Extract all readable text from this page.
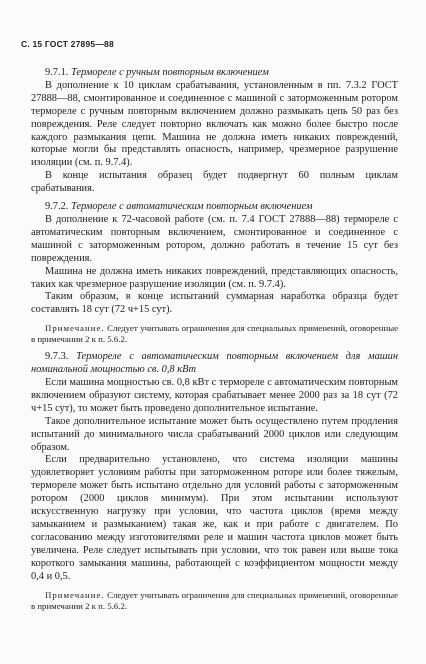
С. 15 ГОСТ 27895—88

9.7.1. Термореле с ручным повторным включением

В дополнение к 10 циклам срабатывания, установленным в пп. 7.3.2 ГОСТ 27888—88, смонтированное и соединенное с машиной с заторможенным ротором термореле с ручным повторным включением должно размыкать цепь 50 раз без повреждения. Реле следует повторно включать как можно более быстро после каждого размыкания цепи. Машина не должна иметь никаких повреждений, которые могли бы представлять опасность, например, чрезмерное разрушение изоляции (см. п. 9.7.4).

В конце испытания образец будет подвергнут 60 полным циклам срабатывания.

9.7.2. Термореле с автоматическим повторным включением

В дополнение к 72-часовой работе (см. п. 7.4 ГОСТ 27888—88) термореле с автоматическим повторным включением, смонтированное и соединенное с машиной с заторможенным ротором, должно работать в течение 15 сут без повреждения.

Машина не должна иметь никаких повреждений, представляющих опасность, таких как чрезмерное разрушение изоляции (см. п. 9.7.4).

Таким образом, в конце испытаний суммарная наработка образца будет составлять 18 сут (72 ч+15 сут).

Примечание. Следует учитывать ограничения для специальных применений, оговоренные в примечании 2 к п. 5.6.2.

9.7.3. Термореле с автоматическим повторным включением для машин номинальной мощностью св. 0,8 кВт

Если машина мощностью св. 0,8 кВт с термореле с автоматическим повторным включением образуют систему, которая срабатывает менее 2000 раз за 18 сут (72 ч+15 сут), то может быть проведено дополнительное испытание.

Такое дополнительное испытание может быть осуществлено путем продления испытаний до минимального числа срабатываний 2000 циклов или следующим образом.

Если предварительно установлено, что система изоляции машины удовлетворяет условиям работы при заторможенном роторе или более тяжелым, термореле может быть испытано отдельно для условий работы с заторможенным ротором (2000 циклов минимум). При этом испытании используют искусственную нагрузку при условии, что частота циклов (время между замыканием и размыканием) такая же, как и при работе с двигателем. По согласованию между изготовителями реле и машин частота циклов может быть увеличена. Реле следует испытывать при условии, что ток равен или выше тока короткого замыкания машины, работающей с коэффициентом мощности между 0,4 и 0,5.

Примечание. Следует учитывать ограничения для специальных применений, оговоренные в примечании 2 к п. 5.6.2.
